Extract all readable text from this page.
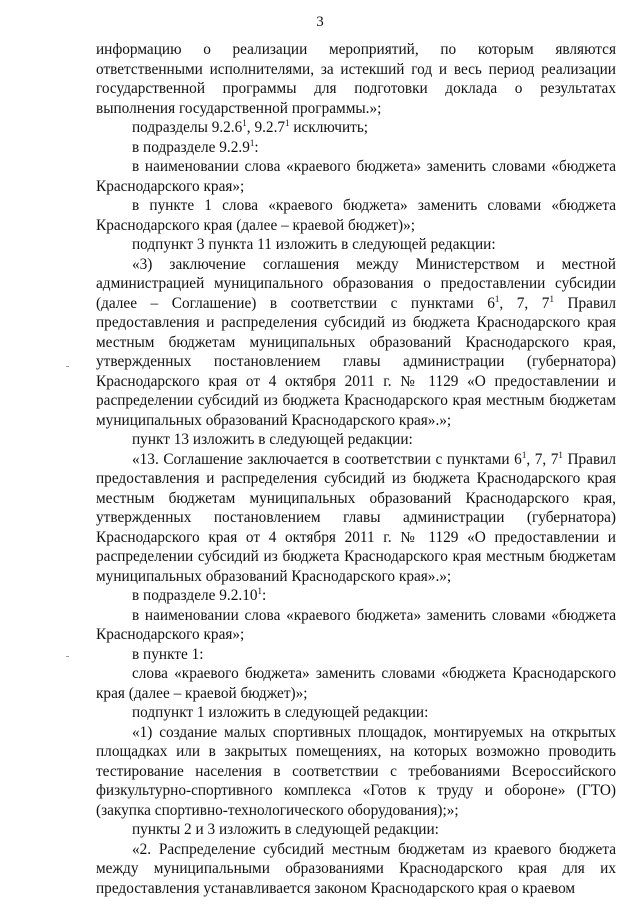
3

информацию о реализации мероприятий, по которым являются ответственными исполнителями, за истекший год и весь период реализации государственной программы для подготовки доклада о результатах выполнения государственной программы.»;

подразделы 9.2.6$^1$, 9.2.7$^1$ исключить;

в подразделе 9.2.9$^1$:

в наименовании слова «краевого бюджета» заменить словами «бюджета Краснодарского края»;

в пункте 1 слова «краевого бюджета» заменить словами «бюджета Краснодарского края (далее – краевой бюджет)»;

подпункт 3 пункта 11 изложить в следующей редакции:

«3) заключение соглашения между Министерством и местной администрацией муниципального образования о предоставлении субсидии (далее – Соглашение) в соответствии с пунктами $6^1$, 7, $7^1$ Правил предоставления и распределения субсидий из бюджета Краснодарского края местным бюджетам муниципальных образований Краснодарского края, утвержденных постановлением главы администрации (губернатора) Краснодарского края от 4 октября 2011 г. № 1129 «О предоставлении и распределении субсидий из бюджета Краснодарского края местным бюджетам муниципальных образований Краснодарского края».»;

пункт 13 изложить в следующей редакции:

«13. Соглашение заключается в соответствии с пунктами $6^1$, 7, $7^1$ Правил предоставления и распределения субсидий из бюджета Краснодарского края местным бюджетам муниципальных образований Краснодарского края, утвержденных постановлением главы администрации (губернатора) Краснодарского края от 4 октября 2011 г. № 1129 «О предоставлении и распределении субсидий из бюджета Краснодарского края местным бюджетам муниципальных образований Краснодарского края».»;

в подразделе 9.2.10$^1$:

в наименовании слова «краевого бюджета» заменить словами «бюджета Краснодарского края»;

в пункте 1:

слова «краевого бюджета» заменить словами «бюджета Краснодарского края (далее – краевой бюджет)»;

подпункт 1 изложить в следующей редакции:

«1) создание малых спортивных площадок, монтируемых на открытых площадках или в закрытых помещениях, на которых возможно проводить тестирование населения в соответствии с требованиями Всероссийского физкультурно-спортивного комплекса «Готов к труду и обороне» (ГТО) (закупка спортивно-технологического оборудования);»;

пункты 2 и 3 изложить в следующей редакции:

«2. Распределение субсидий местным бюджетам из краевого бюджета между муниципальными образованиями Краснодарского края для их предоставления устанавливается законом Краснодарского края о краевом
